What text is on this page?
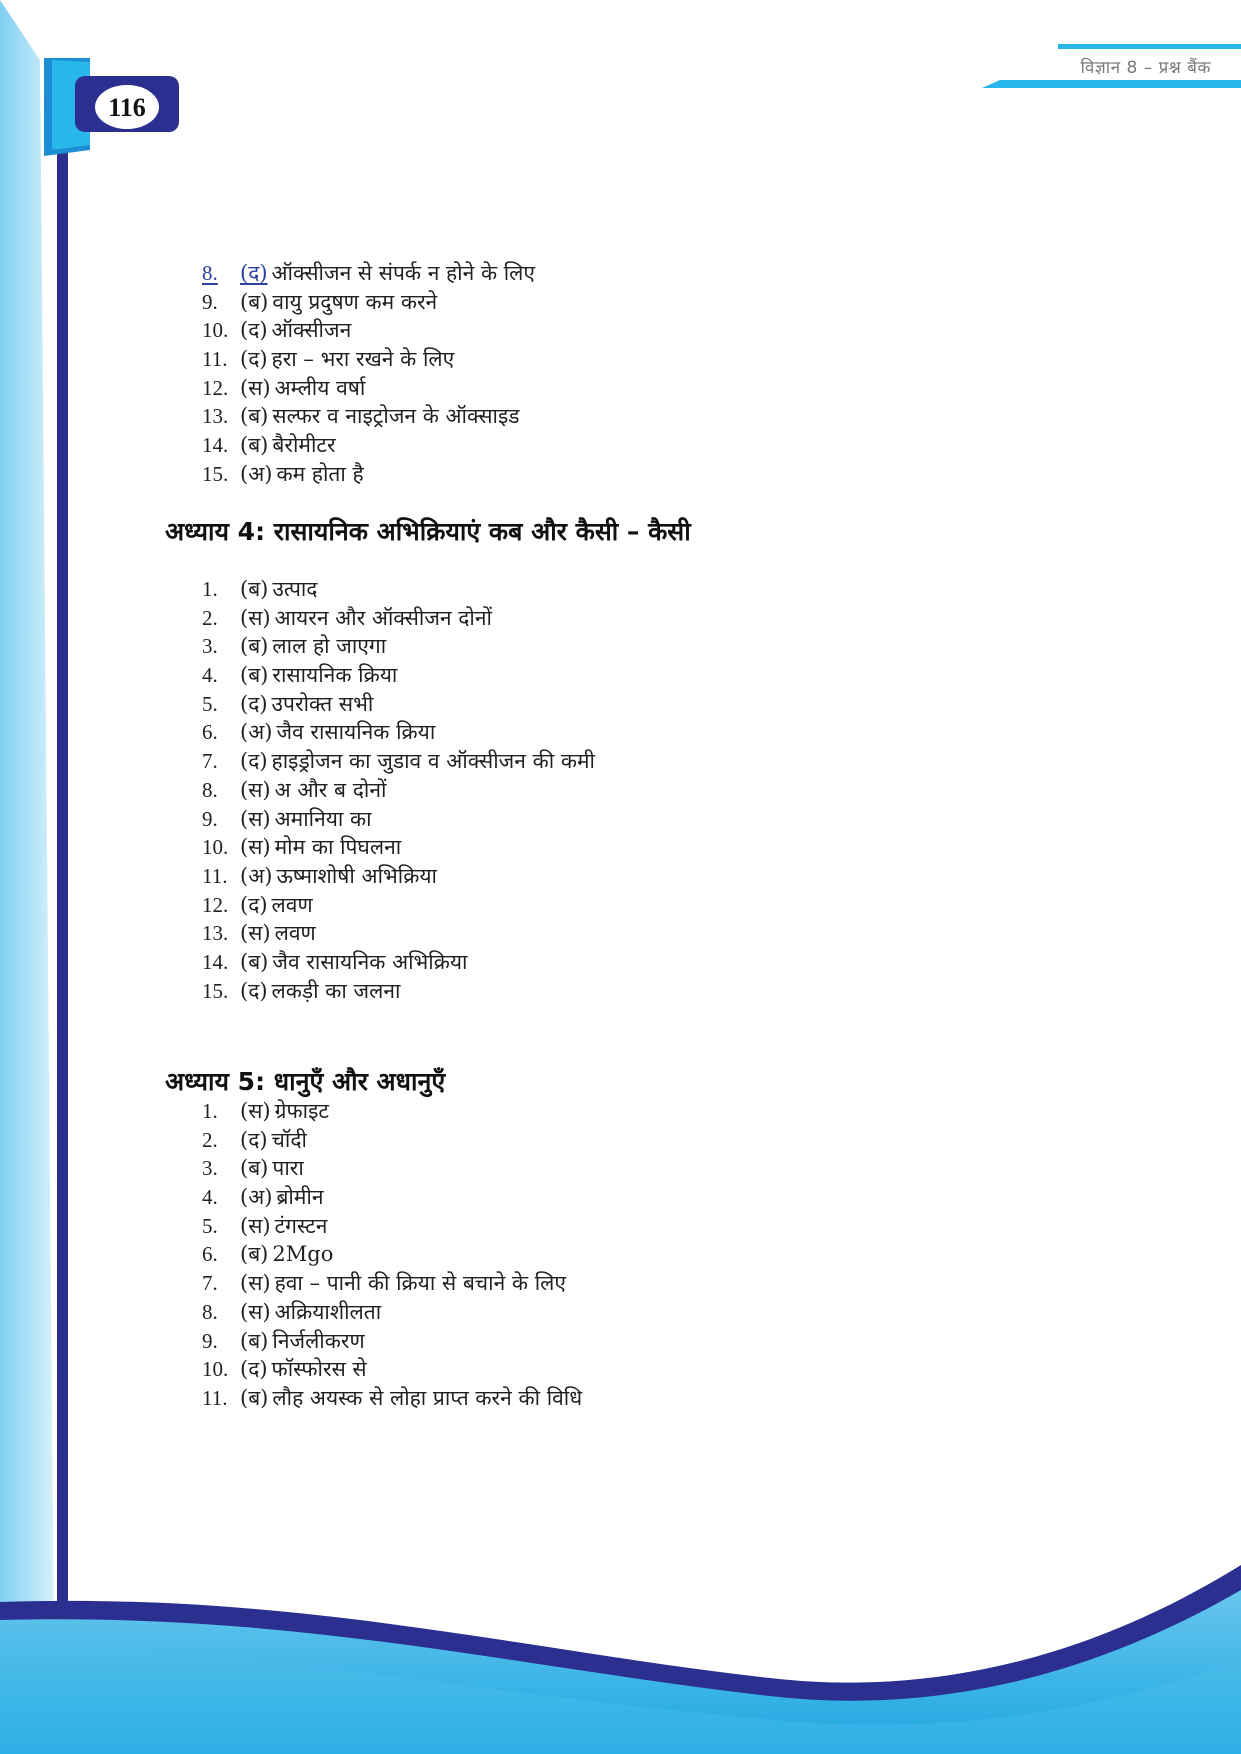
विज्ञान 8 – प्रश्न बैंक
116
8.	(द) ऑक्सीजन से संपर्क न होने के लिए
9.	(ब) वायु प्रदुषण कम करने
10. (द) ऑक्सीजन
11. (द) हरा – भरा रखने के लिए
12. (स) अम्लीय वर्षा
13. (ब) सल्फर व नाइट्रोजन के ऑक्साइड
14. (ब) बैरोमीटर
15. (अ) कम होता है
अध्याय 4: रासायनिक अभिक्रियाएं कब और कैसी – कैसी
1.	(ब) उत्पाद
2.	(स) आयरन और ऑक्सीजन दोनों
3.	(ब) लाल हो जाएगा
4.	(ब) रासायनिक क्रिया
5.	(द) उपरोक्त सभी
6.	(अ) जैव रासायनिक क्रिया
7.	(द) हाइड्रोजन का जुडाव व ऑक्सीजन की कमी
8.	(स) अ और ब दोनों
9.	(स) अमानिया का
10. (स) मोम का पिघलना
11. (अ) ऊष्माशोषी अभिक्रिया
12. (द) लवण
13. (स) लवण
14. (ब) जैव रासायनिक अभिक्रिया
15. (द) लकड़ी का जलना
अध्याय 5: धानुएँ और अधानुएँ
1.	(स) ग्रेफाइट
2.	(द) चॉदी
3.	(ब) पारा
4.	(अ) ब्रोमीन
5.	(स) टंगस्टन
6.	(ब) 2Mgo
7.	(स) हवा – पानी की क्रिया से बचाने के लिए
8.	(स) अक्रियाशीलता
9.	(ब) निर्जलीकरण
10. (द) फॉस्फोरस से
11. (ब) लौह अयस्क से लोहा प्राप्त करने की विधि
